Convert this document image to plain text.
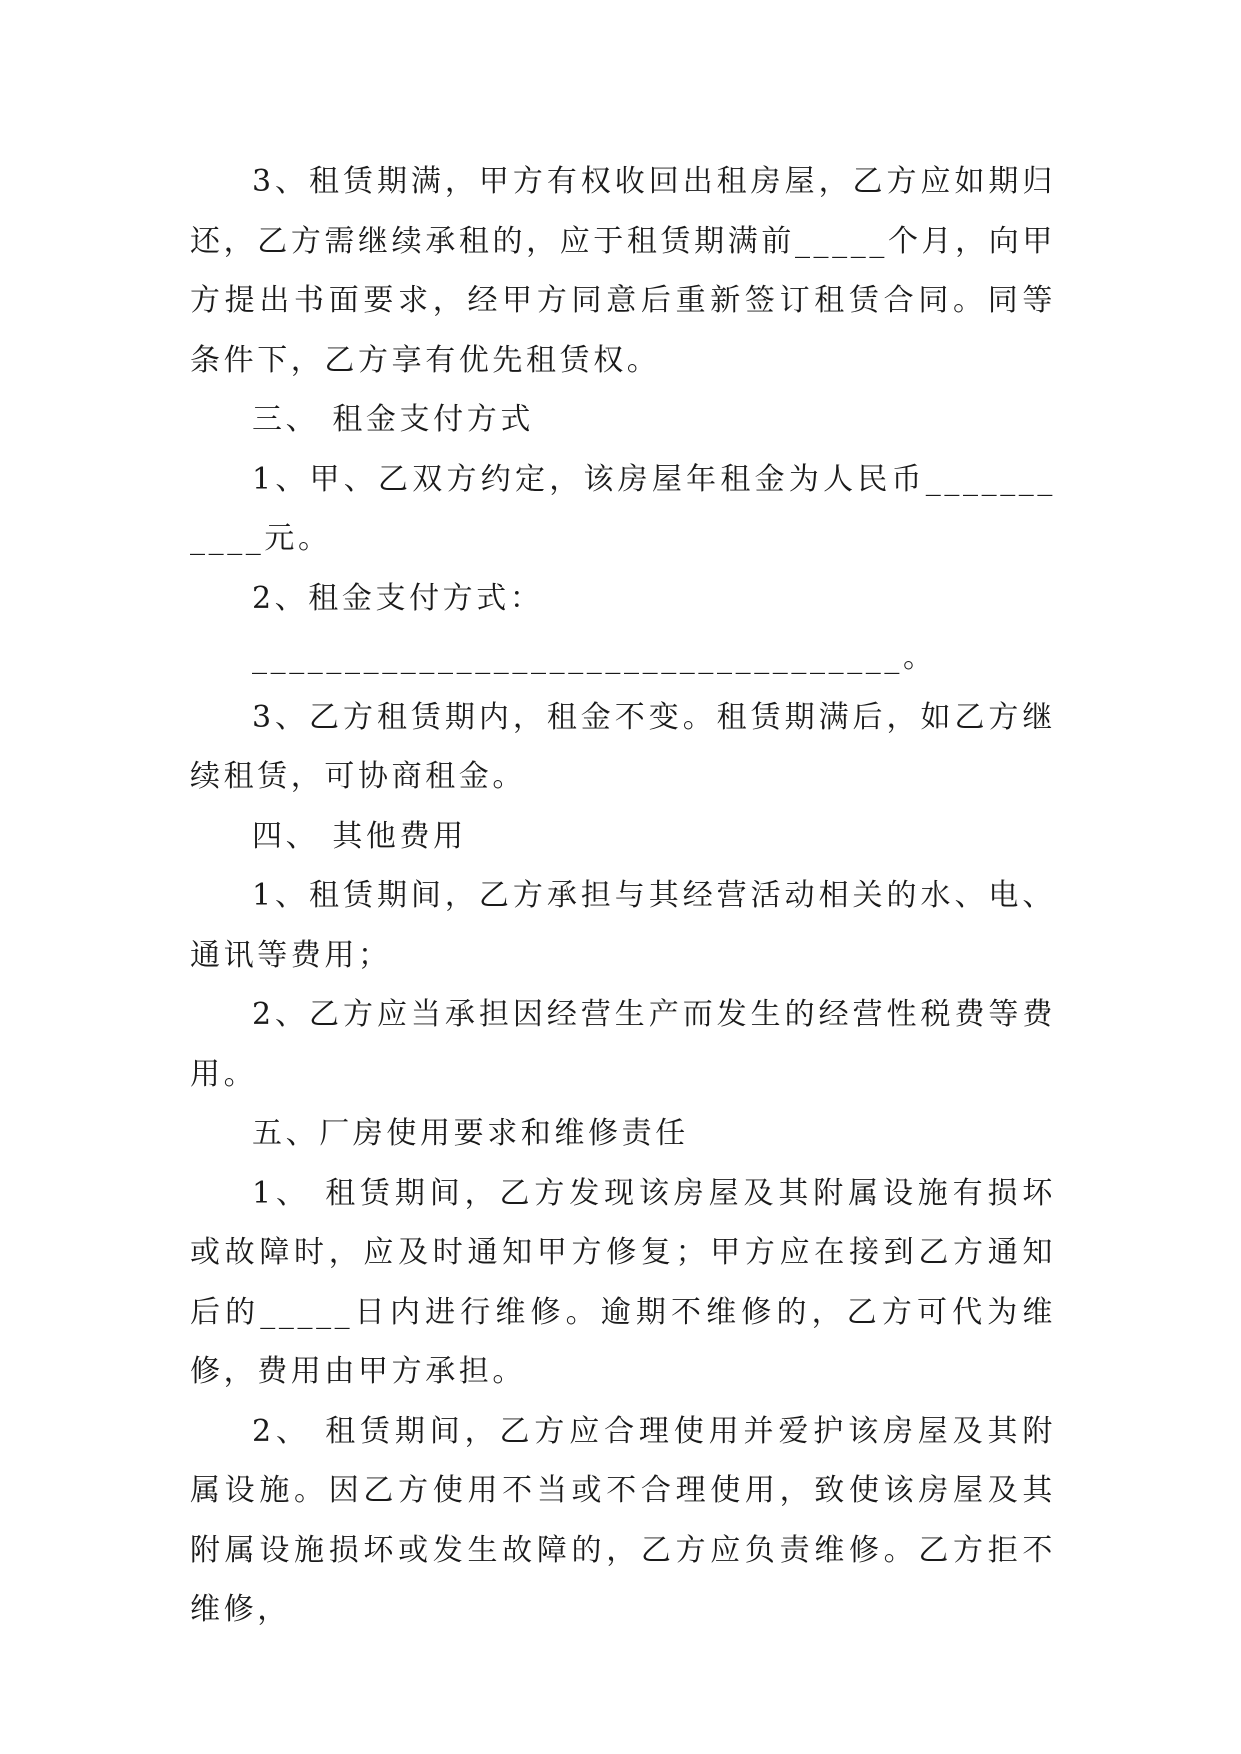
3、租赁期满，甲方有权收回出租房屋，乙方应如期归还，乙方需继续承租的，应于租赁期满前_____个月，向甲方提出书面要求，经甲方同意后重新签订租赁合同。同等条件下，乙方享有优先租赁权。

三、 租金支付方式

1、甲、乙双方约定，该房屋年租金为人民币___________元。

2、租金支付方式：

___________________________________。

3、乙方租赁期内，租金不变。租赁期满后，如乙方继续租赁，可协商租金。

四、 其他费用

1、租赁期间，乙方承担与其经营活动相关的水、电、通讯等费用；

2、乙方应当承担因经营生产而发生的经营性税费等费用。

五、厂房使用要求和维修责任

1、 租赁期间，乙方发现该房屋及其附属设施有损坏或故障时，应及时通知甲方修复；甲方应在接到乙方通知后的_____日内进行维修。逾期不维修的，乙方可代为维修，费用由甲方承担。

2、 租赁期间，乙方应合理使用并爱护该房屋及其附属设施。因乙方使用不当或不合理使用，致使该房屋及其附属设施损坏或发生故障的，乙方应负责维修。乙方拒不维修，
